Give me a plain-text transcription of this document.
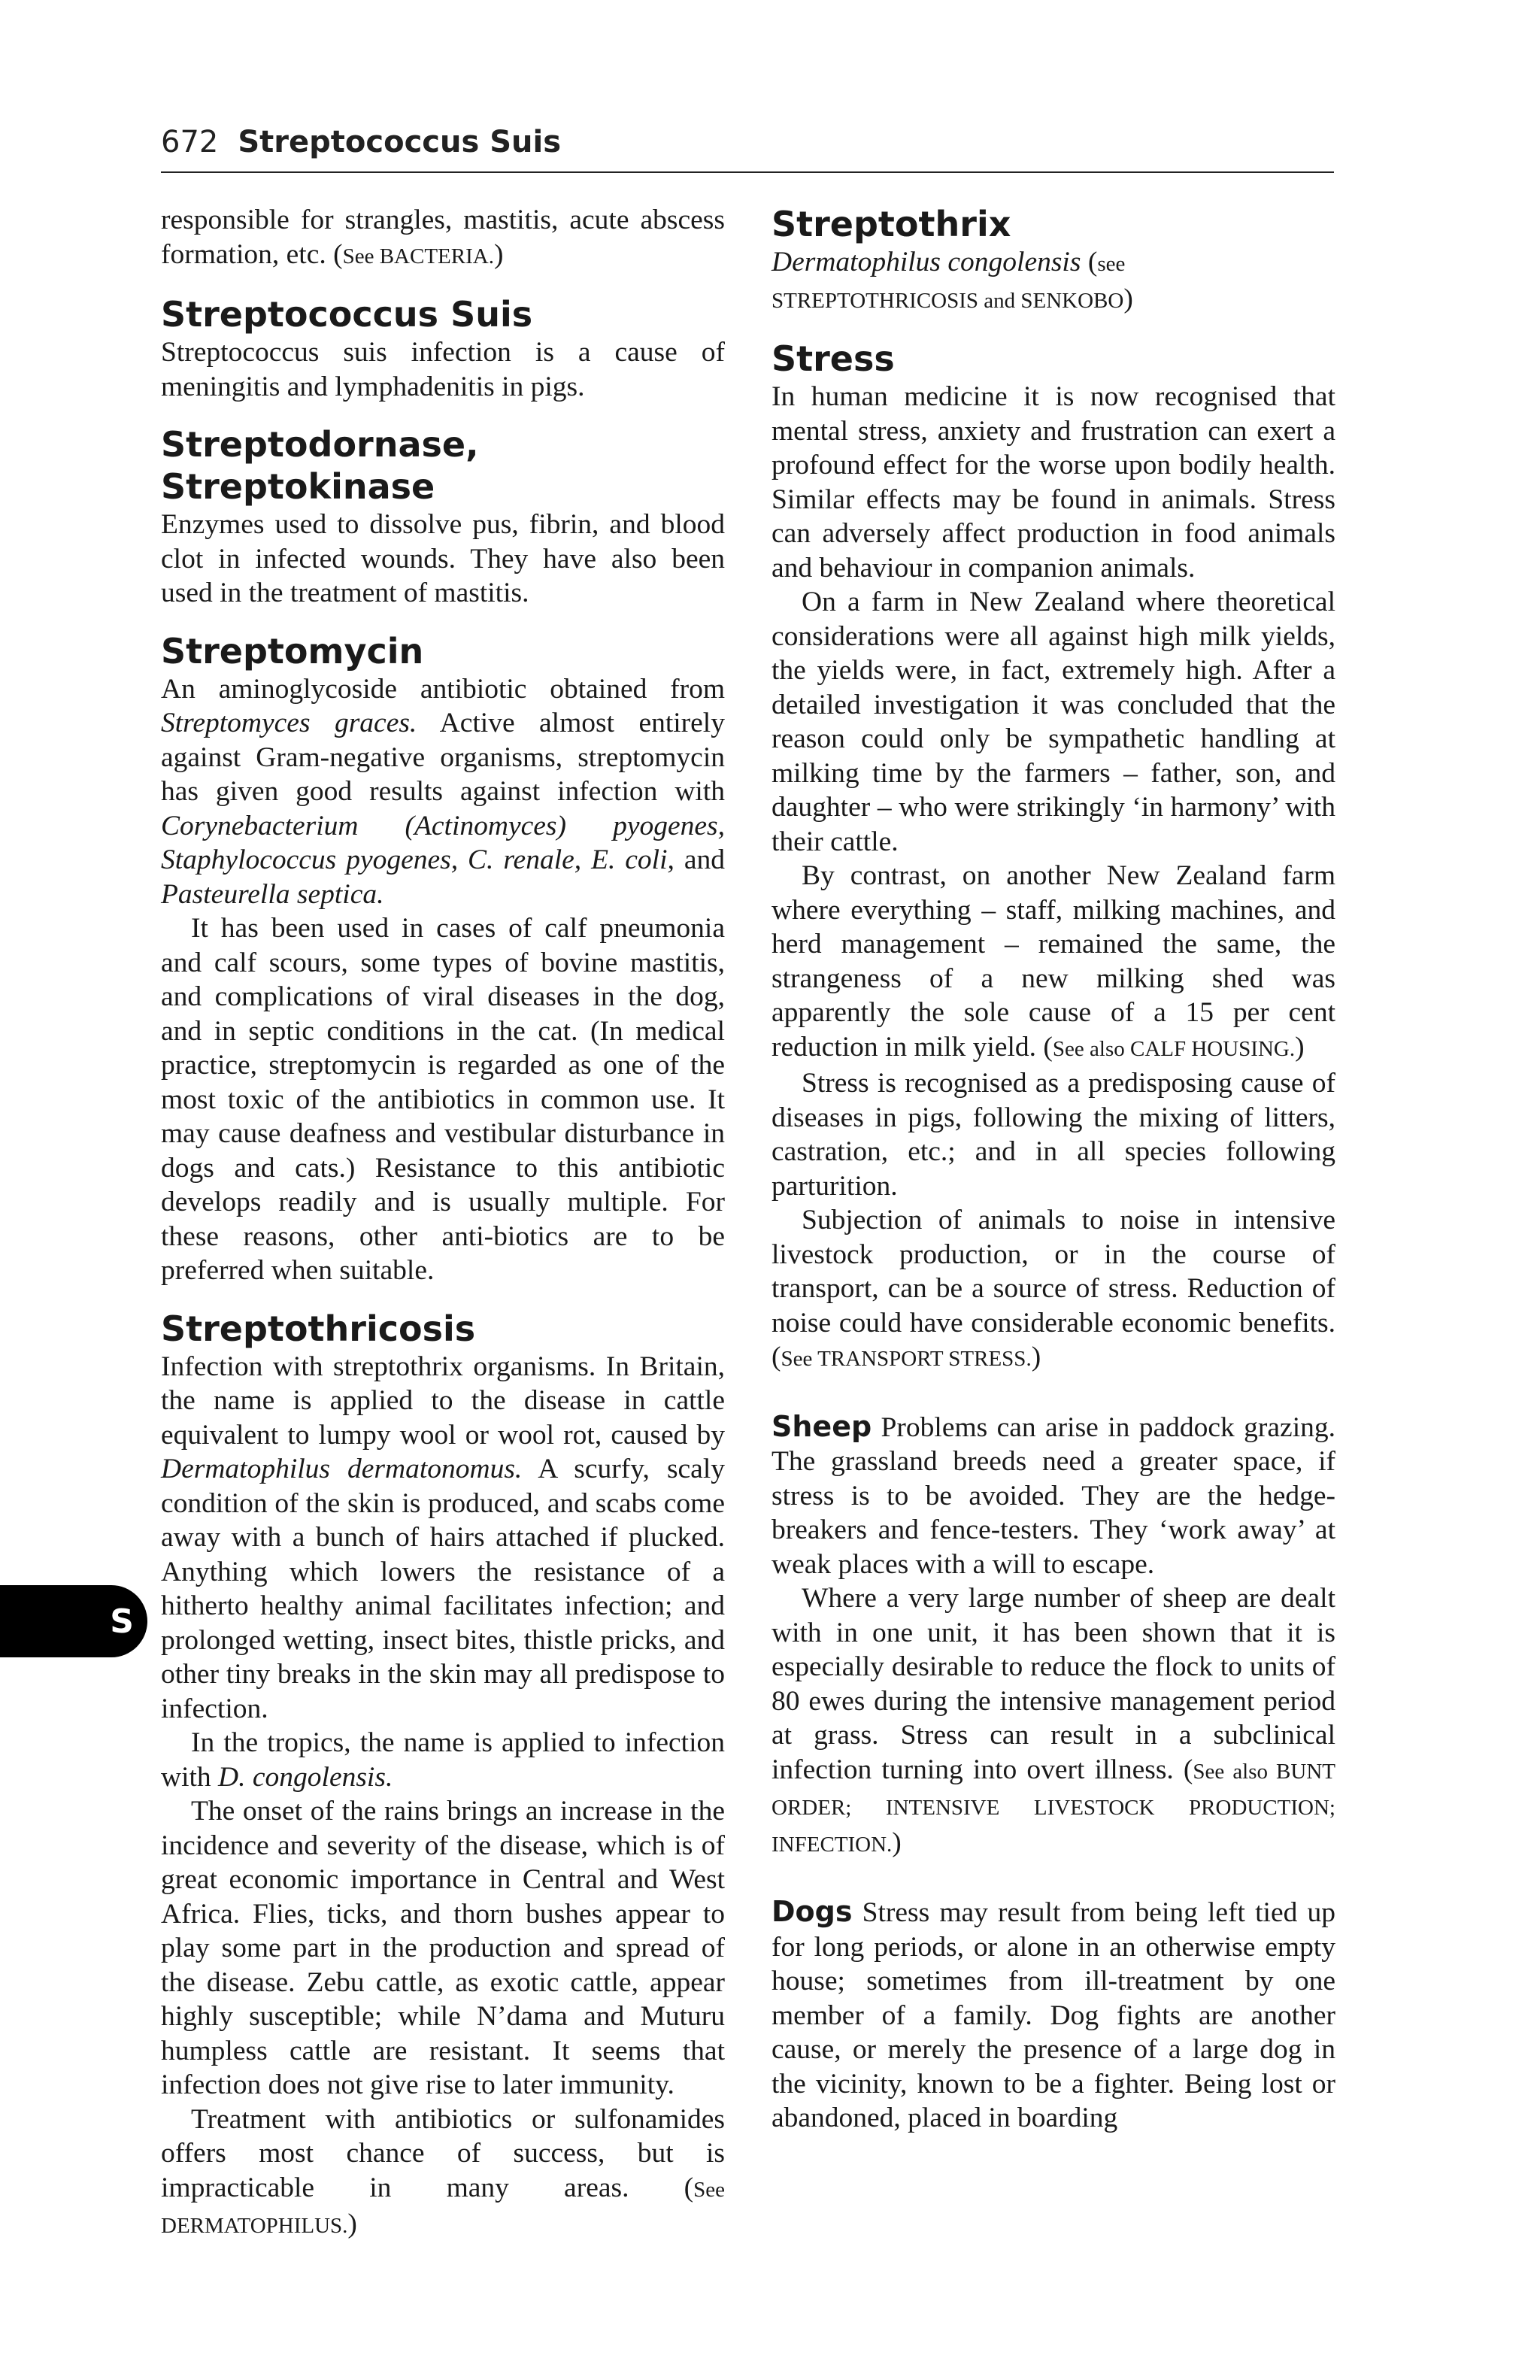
672 Streptococcus Suis

responsible for strangles, mastitis, acute abscess formation, etc. (See BACTERIA.)

Streptococcus Suis

Streptococcus suis infection is a cause of meningitis and lymphadenitis in pigs.

Streptodornase, Streptokinase

Enzymes used to dissolve pus, fibrin, and blood clot in infected wounds. They have also been used in the treatment of mastitis.

Streptomycin

An aminoglycoside antibiotic obtained from Streptomyces graces. Active almost entirely against Gram-negative organisms, streptomycin has given good results against infection with Corynebacterium (Actinomyces) pyogenes, Staphylococcus pyogenes, C. renale, E. coli, and Pasteurella septica.

It has been used in cases of calf pneumonia and calf scours, some types of bovine mastitis, and complications of viral diseases in the dog, and in septic conditions in the cat. (In medical practice, streptomycin is regarded as one of the most toxic of the antibiotics in common use. It may cause deafness and vestibular disturbance in dogs and cats.) Resistance to this antibiotic develops readily and is usually multiple. For these reasons, other anti-biotics are to be preferred when suitable.

Streptothricosis

Infection with streptothrix organisms. In Britain, the name is applied to the disease in cattle equivalent to lumpy wool or wool rot, caused by Dermatophilus dermatonomus. A scurfy, scaly condition of the skin is produced, and scabs come away with a bunch of hairs attached if plucked. Anything which lowers the resistance of a hitherto healthy animal facilitates infection; and prolonged wetting, insect bites, thistle pricks, and other tiny breaks in the skin may all predispose to infection.

In the tropics, the name is applied to infection with D. congolensis.

The onset of the rains brings an increase in the incidence and severity of the disease, which is of great economic importance in Central and West Africa. Flies, ticks, and thorn bushes appear to play some part in the production and spread of the disease. Zebu cattle, as exotic cattle, appear highly susceptible; while N’dama and Muturu humpless cattle are resistant. It seems that infection does not give rise to later immunity.

Treatment with antibiotics or sulfonamides offers most chance of success, but is impracticable in many areas. (See DERMATOPHILUS.)

Streptothrix

Dermatophilus congolensis (see STREPTOTHRICOSIS and SENKOBO)

Stress

In human medicine it is now recognised that mental stress, anxiety and frustration can exert a profound effect for the worse upon bodily health. Similar effects may be found in animals. Stress can adversely affect production in food animals and behaviour in companion animals.

On a farm in New Zealand where theoretical considerations were all against high milk yields, the yields were, in fact, extremely high. After a detailed investigation it was concluded that the reason could only be sympathetic handling at milking time by the farmers – father, son, and daughter – who were strikingly ‘in harmony’ with their cattle.

By contrast, on another New Zealand farm where everything – staff, milking machines, and herd management – remained the same, the strangeness of a new milking shed was apparently the sole cause of a 15 per cent reduction in milk yield. (See also CALF HOUSING.)

Stress is recognised as a predisposing cause of diseases in pigs, following the mixing of litters, castration, etc.; and in all species following parturition.

Subjection of animals to noise in intensive livestock production, or in the course of transport, can be a source of stress. Reduction of noise could have considerable economic benefits. (See TRANSPORT STRESS.)

Sheep Problems can arise in paddock grazing. The grassland breeds need a greater space, if stress is to be avoided. They are the hedge-breakers and fence-testers. They ‘work away’ at weak places with a will to escape.

Where a very large number of sheep are dealt with in one unit, it has been shown that it is especially desirable to reduce the flock to units of 80 ewes during the intensive management period at grass. Stress can result in a subclinical infection turning into overt illness. (See also BUNT ORDER; INTENSIVE LIVESTOCK PRODUCTION; INFECTION.)

Dogs Stress may result from being left tied up for long periods, or alone in an otherwise empty house; sometimes from ill-treatment by one member of a family. Dog fights are another cause, or merely the presence of a large dog in the vicinity, known to be a fighter. Being lost or abandoned, placed in boarding

S
